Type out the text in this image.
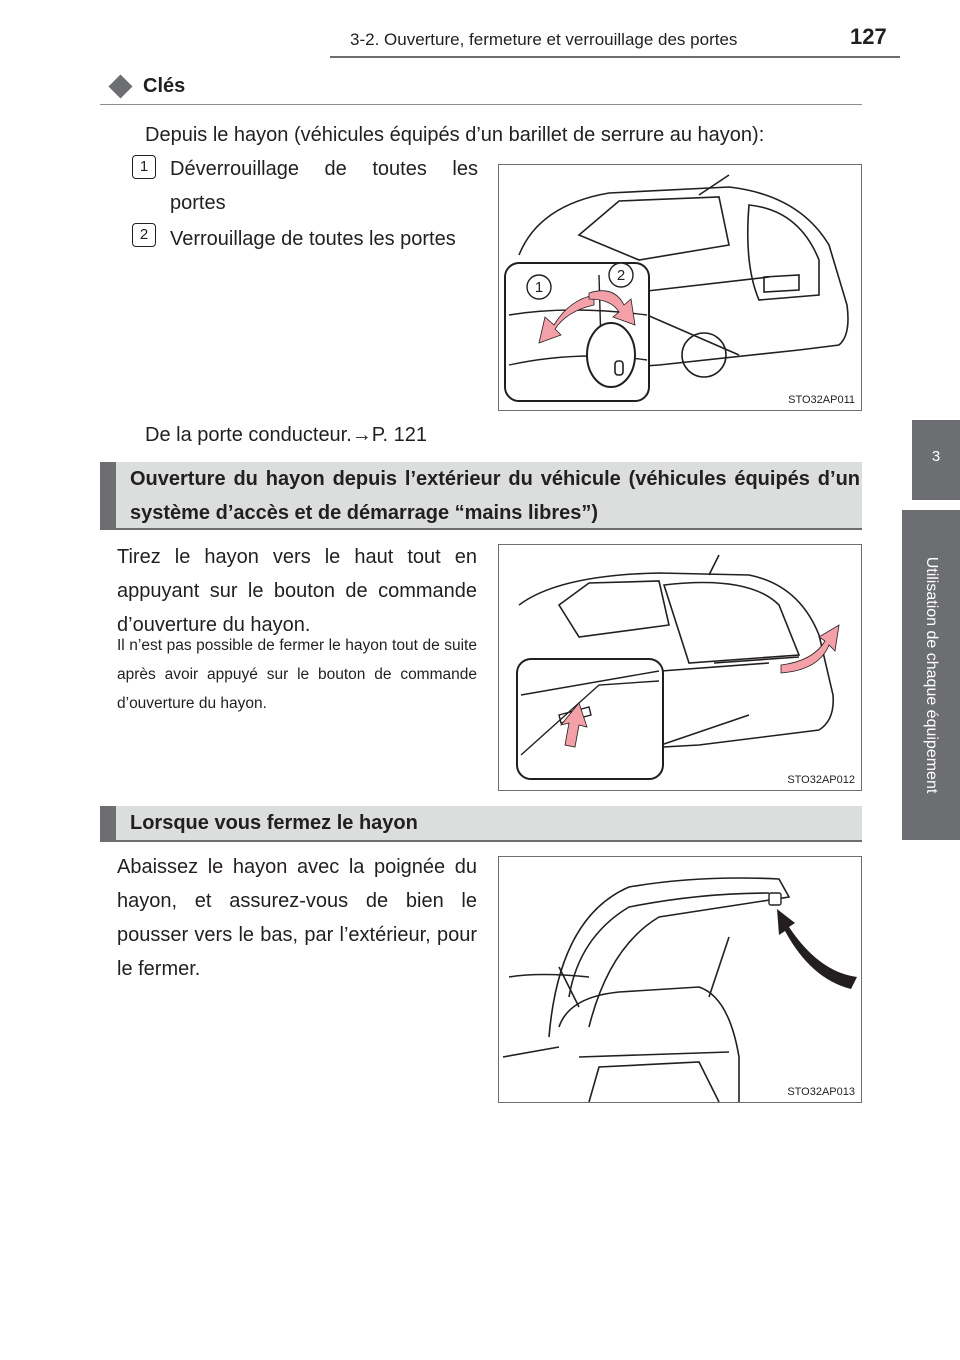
3-2. Ouverture, fermeture et verrouillage des portes	127
3
Utilisation de chaque équipement
Clés
Depuis le hayon (véhicules équipés d’un barillet de serrure au hayon):
1	Déverrouillage de toutes les portes
2	Verrouillage de toutes les portes
1
2
STO32AP011
De la porte conducteur.→P. 121
Ouverture du hayon depuis l’extérieur du véhicule (véhicules équipés d’un système d’accès et de démarrage “mains libres”)
Tirez le hayon vers le haut tout en appuyant sur le bouton de commande d’ouverture du hayon.
Il n’est pas possible de fermer le hayon tout de suite après avoir appuyé sur le bouton de commande d’ouverture du hayon.
STO32AP012
Lorsque vous fermez le hayon
Abaissez le hayon avec la poignée du hayon, et assurez-vous de bien le pousser vers le bas, par l’extérieur, pour le fermer.
STO32AP013
